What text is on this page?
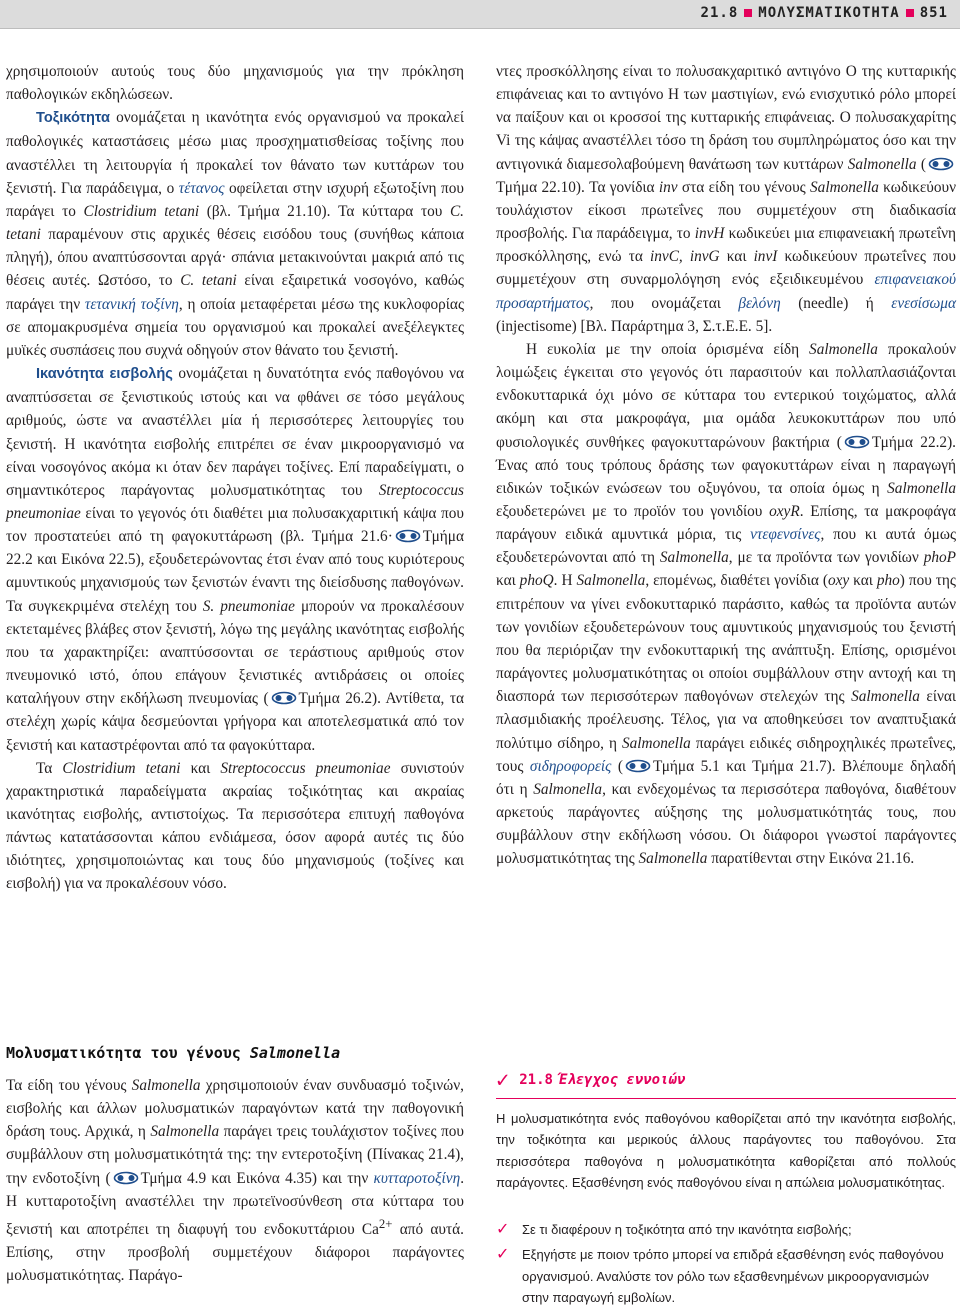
21.8 ΜΟΛΥΣΜΑΤΙΚΟΤΗΤΑ 851

χρησιμοποιούν αυτούς τους δύο μηχανισμούς για την πρόκληση παθολογικών εκδηλώσεων.

Τοξικότητα ονομάζεται η ικανότητα ενός οργανισμού να προκαλεί παθολογικές καταστάσεις μέσω μιας προσχηματισθείσας τοξίνης που αναστέλλει τη λειτουργία ή προκαλεί τον θάνατο των κυττάρων του ξενιστή. Για παράδειγμα, ο τέτανος οφείλεται στην ισχυρή εξωτοξίνη που παράγει το Clostridium tetani (βλ. Τμήμα 21.10). Τα κύτταρα του C. tetani παραμένουν στις αρχικές θέσεις εισόδου τους (συνήθως κάποια πληγή), όπου αναπτύσσονται αργά· σπάνια μετακινούνται μακριά από τις θέσεις αυτές. Ωστόσο, το C. tetani είναι εξαιρετικά νοσογόνο, καθώς παράγει την τετανική τοξίνη, η οποία μεταφέρεται μέσω της κυκλοφορίας σε απομακρυσμένα σημεία του οργανισμού και προκαλεί ανεξέλεγκτες μυϊκές συσπάσεις που συχνά οδηγούν στον θάνατο του ξενιστή.

Ικανότητα εισβολής ονομάζεται η δυνατότητα ενός παθογόνου να αναπτύσσεται σε ξενιστικούς ιστούς και να φθάνει σε τόσο μεγάλους αριθμούς, ώστε να αναστέλλει μία ή περισσότερες λειτουργίες του ξενιστή. Η ικανότητα εισβολής επιτρέπει σε έναν μικροοργανισμό να είναι νοσογόνος ακόμα κι όταν δεν παράγει τοξίνες. Επί παραδείγματι, ο σημαντικότερος παράγοντας μολυσματικότητας του Streptococcus pneumoniae είναι το γεγονός ότι διαθέτει μια πολυσακχαριτική κάψα που τον προστατεύει από τη φαγοκυττάρωση (βλ. Τμήμα 21.6· Τμήμα 22.2 και Εικόνα 22.5), εξουδετερώνοντας έτσι έναν από τους κυριότερους αμυντικούς μηχανισμούς των ξενιστών έναντι της διείσδυσης παθογόνων. Τα συγκεκριμένα στελέχη του S. pneumoniae μπορούν να προκαλέσουν εκτεταμένες βλάβες στον ξενιστή, λόγω της μεγάλης ικανότητας εισβολής που τα χαρακτηρίζει: αναπτύσσονται σε τεράστιους αριθμούς στον πνευμονικό ιστό, όπου επάγουν ξενιστικές αντιδράσεις οι οποίες καταλήγουν στην εκδήλωση πνευμονίας ( Τμήμα 26.2). Αντίθετα, τα στελέχη χωρίς κάψα δεσμεύονται γρήγορα και αποτελεσματικά από τον ξενιστή και καταστρέφονται από τα φαγοκύτταρα.

Τα Clostridium tetani και Streptococcus pneumoniae συνιστούν χαρακτηριστικά παραδείγματα ακραίας τοξικότητας και ακραίας ικανότητας εισβολής, αντιστοίχως. Τα περισσότερα επιτυχή παθογόνα πάντως κατατάσσονται κάπου ενδιάμεσα, όσον αφορά αυτές τις δύο ιδιότητες, χρησιμοποιώντας και τους δύο μηχανισμούς (τοξίνες και εισβολή) για να προκαλέσουν νόσο.

Μολυσματικότητα του γένους Salmonella

Τα είδη του γένους Salmonella χρησιμοποιούν έναν συνδυασμό τοξινών, εισβολής και άλλων μολυσματικών παραγόντων κατά την παθογονική δράση τους. Αρχικά, η Salmonella παράγει τρεις τουλάχιστον τοξίνες που συμβάλλουν στη μολυσματικότητά της: την εντεροτοξίνη (Πίνακας 21.4), την ενδοτοξίνη ( Τμήμα 4.9 και Εικόνα 4.35) και την κυτταροτοξίνη. Η κυτταροτοξίνη αναστέλλει την πρωτεϊνοσύνθεση στα κύτταρα του ξενιστή και αποτρέπει τη διαφυγή του ενδοκυττάριου $Ca^{2+}$ από αυτά. Επίσης, στην προσβολή συμμετέχουν διάφοροι παράγοντες μολυσματικότητας. Παράγο-

ντες προσκόλλησης είναι το πολυσακχαριτικό αντιγόνο O της κυτταρικής επιφάνειας και το αντιγόνο H των μαστιγίων, ενώ ενισχυτικό ρόλο μπορεί να παίξουν και οι κροσσοί της κυτταρικής επιφάνειας. Ο πολυσακχαρίτης Vi της κάψας αναστέλλει τόσο τη δράση του συμπληρώματος όσο και την αντιγονικά διαμεσολαβούμενη θανάτωση των κυττάρων Salmonella (Τμήμα 22.10). Τα γονίδια inv στα είδη του γένους Salmonella κωδικεύουν τουλάχιστον είκοσι πρωτεΐνες που συμμετέχουν στη διαδικασία προσβολής. Για παράδειγμα, το invH κωδικεύει μια επιφανειακή πρωτεΐνη προσκόλλησης, ενώ τα invC, invG και invI κωδικεύουν πρωτεΐνες που συμμετέχουν στη συναρμολόγηση ενός εξειδικευμένου επιφανειακού προσαρτήματος, που ονομάζεται βελόνη (needle) ή ενεσίσωμα (injectisome) [Βλ. Παράρτημα 3, Σ.τ.Ε.Ε. 5].

Η ευκολία με την οποία όρισμένα είδη Salmonella προκαλούν λοιμώξεις έγκειται στο γεγονός ότι παρασιτούν και πολλαπλασιάζονται ενδοκυτταρικά όχι μόνο σε κύτταρα του εντερικού τοιχώματος, αλλά ακόμη και στα μακροφάγα, μια ομάδα λευκοκυττάρων που υπό φυσιολογικές συνθήκες φαγοκυτταρώνουν βακτήρια ( Τμήμα 22.2). Ένας από τους τρόπους δράσης των φαγοκυττάρων είναι η παραγωγή ειδικών τοξικών ενώσεων του οξυγόνου, τα οποία όμως η Salmonella εξουδετερώνει με το προϊόν του γονιδίου oxyR. Επίσης, τα μακροφάγα παράγουν ειδικά αμυντικά μόρια, τις ντεφενσίνες, που κι αυτά όμως εξουδετερώνονται από τη Salmonella, με τα προϊόντα των γονιδίων phoP και phoQ. Η Salmonella, επομένως, διαθέτει γονίδια (oxy και pho) που της επιτρέπουν να γίνει ενδοκυτταρικό παράσιτο, καθώς τα προϊόντα αυτών των γονιδίων εξουδετερώνουν τους αμυντικούς μηχανισμούς του ξενιστή που θα περιόριζαν την ενδοκυτταρική της ανάπτυξη. Επίσης, ορισμένοι παράγοντες μολυσματικότητας οι οποίοι συμβάλλουν στην αντοχή και τη διασπορά των περισσότερων παθογόνων στελεχών της Salmonella είναι πλασμιδιακής προέλευσης. Τέλος, για να αποθηκεύσει τον αναπτυξιακά πολύτιμο σίδηρο, η Salmonella παράγει ειδικές σιδηροχηλικές πρωτεΐνες, τους σιδηροφορείς ( Τμήμα 5.1 και Τμήμα 21.7). Βλέπουμε δηλαδή ότι η Salmonella, και ενδεχομένως τα περισσότερα παθογόνα, διαθέτουν αρκετούς παράγοντες αύξησης της μολυσματικότητάς τους, που συμβάλλουν στην εκδήλωση νόσου. Οι διάφοροι γνωστοί παράγοντες μολυσματικότητας της Salmonella παρατίθενται στην Εικόνα 21.16.

✓ 21.8 Έλεγχος εννοιών
Η μολυσματικότητα ενός παθογόνου καθορίζεται από την ικανότητα εισβολής, την τοξικότητα και μερικούς άλλους παράγοντες του παθογόνου. Στα περισσότερα παθογόνα η μολυσματικότητα καθορίζεται από πολλούς παράγοντες. Εξασθένηση ενός παθογόνου είναι η απώλεια μολυσματικότητας.
✓ Σε τι διαφέρουν η τοξικότητα από την ικανότητα εισβολής;
✓ Εξηγήστε με ποιον τρόπο μπορεί να επιδρά εξασθένηση ενός παθογόνου οργανισμού. Αναλύστε τον ρόλο των εξασθενημένων μικροοργανισμών στην παραγωγή εμβολίων.
